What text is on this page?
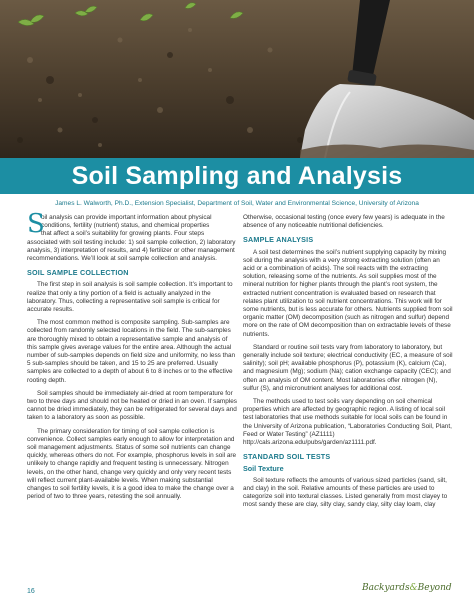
Soil Sampling and Analysis
James L. Walworth, Ph.D., Extension Specialist, Department of Soil, Water and Environmental Science, University of Arizona
S
oil analysis can provide important information about physical
conditions, fertility (nutrient) status, and chemical properties
that affect a soil’s suitability for growing plants. Four steps

associated with soil testing include: 1) soil sample collection, 2) laboratory analysis, 3) interpretation of results, and 4) fertilizer or other management recommendations. We’ll look at soil sample collection and analysis.

SOIL SAMPLE COLLECTION

The first step in soil analysis is soil sample collection. It’s important to realize that only a tiny portion of a field is actually analyzed in the laboratory. Thus, collecting a representative soil sample is critical for accurate results.

The most common method is composite sampling. Sub-samples are collected from randomly selected locations in the field. The sub-samples are thoroughly mixed to obtain a representative sample and analysis of this sample gives average values for the entire area. Although the actual number of sub-samples depends on field size and uniformity, no less than 5 sub-samples should be taken, and 15 to 25 are preferred. Usually samples are collected to a depth of about 6 to 8 inches or to the effective rooting depth.

Soil samples should be immediately air-dried at room temperature for two to three days and should not be heated or dried in an oven. If samples cannot be dried immediately, they can be refrigerated for several days and taken to a laboratory as soon as possible.

The primary consideration for timing of soil sample collection is convenience. Collect samples early enough to allow for interpretation and soil management adjustments. Status of some soil nutrients can change quickly, whereas others do not. For example, phosphorus levels in soil are unlikely to change rapidly and frequent testing is unnecessary. Nitrogen levels, on the other hand, change very quickly and only very recent tests will reflect current plant-available levels. When making substantial changes to soil fertility levels, it is a good idea to make the change over a period of two to three years, retesting the soil annually.

Otherwise, occasional testing (once every few years) is adequate in the absence of any noticeable nutritional deficiencies.

SAMPLE ANALYSIS

A soil test determines the soil’s nutrient supplying capacity by mixing soil during the analysis with a very strong extracting solution (often an acid or a combination of acids). The soil reacts with the extracting solution, releasing some of the nutrients. As soil supplies most of the mineral nutrition for higher plants through the plant’s root system, the extracted nutrient concentration is evaluated based on research that relates plant utilization to soil nutrient concentrations. This work will for some nutrients, but is less accurate for others. Nutrients supplied from soil organic matter (OM) decomposition (such as nitrogen and sulfur) depend more on the rate of OM decomposition than on extractable levels of these nutrients.

Standard or routine soil tests vary from laboratory to laboratory, but generally include soil texture; electrical conductivity (EC, a measure of soil salinity); soil pH; available phosphorus (P), potassium (K), calcium (Ca), and magnesium (Mg); sodium (Na); cation exchange capacity (CEC); and often an analysis of OM content. Most laboratories offer nitrogen (N), sulfur (S), and micronutrient analyses for additional cost.

The methods used to test soils vary depending on soil chemical properties which are affected by geographic region. A listing of local soil test laboratories that use methods suitable for local soils can be found in the University of Arizona publication, “Laboratories Conducting Soil, Plant, Feed or Water Testing” (AZ1111) http://cals.arizona.edu/pubs/garden/az1111.pdf.

STANDARD SOIL TESTS
Soil Texture

Soil texture reflects the amounts of various sized particles (sand, silt, and clay) in the soil. Relative amounts of these particles are used to categorize soil into textural classes. Listed generally from most clayey to most sandy these are clay, silty clay, sandy clay, silty clay loam, clay

16	Backyards&Beyond
